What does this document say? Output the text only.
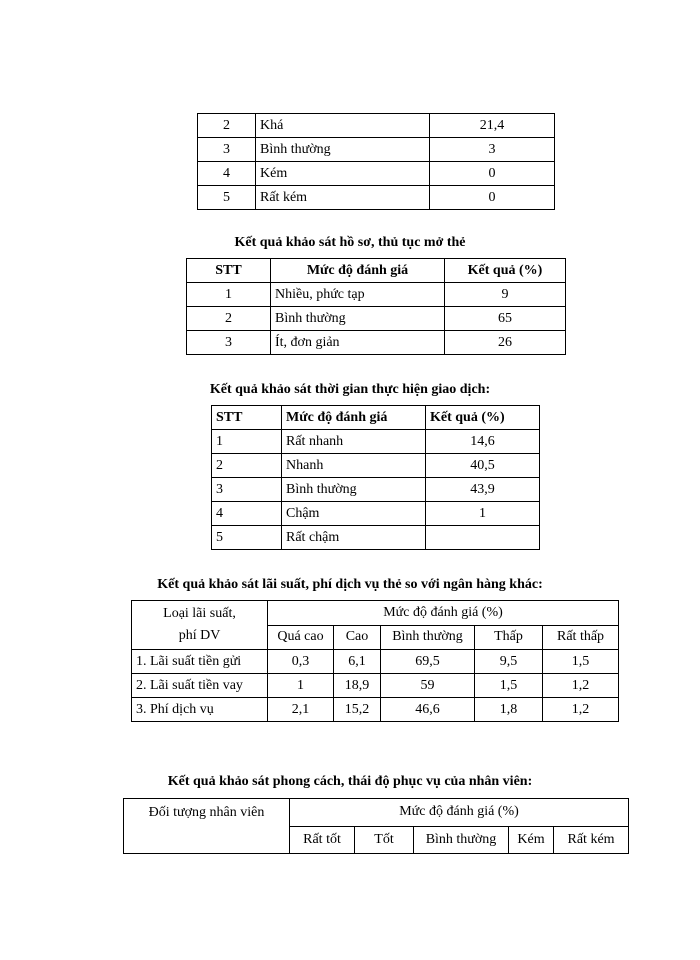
2	Khá	21,4
3	Bình thường	3
4	Kém	0
5	Rất kém	0
Kết quả khảo sát hồ sơ, thủ tục mở thẻ
STT	Mức độ đánh giá	Kết quả (%)
1	Nhiều, phức tạp	9
2	Bình thường	65
3	Ít, đơn giản	26
Kết quả khảo sát thời gian thực hiện giao dịch:
STT	Mức độ đánh giá	Kết quả (%)
1	Rất nhanh	14,6
2	Nhanh	40,5
3	Bình thường	43,9
4	Chậm	1
5	Rất chậm	
Kết quả khảo sát lãi suất, phí dịch vụ thẻ so với ngân hàng khác:
Loại lãi suất,
phí DV	Mức độ đánh giá (%)				
	Quá cao	Cao	Bình thường	Thấp	Rất thấp
1. Lãi suất tiền gửi	0,3	6,1	69,5	9,5	1,5
2. Lãi suất tiền vay	1	18,9	59	1,5	1,2
3. Phí dịch vụ	2,1	15,2	46,6	1,8	1,2
Kết quả khảo sát phong cách, thái độ phục vụ của nhân viên:
Đối tượng nhân viên	Mức độ đánh giá (%)				
	Rất tốt	Tốt	Bình thường	Kém	Rất kém
